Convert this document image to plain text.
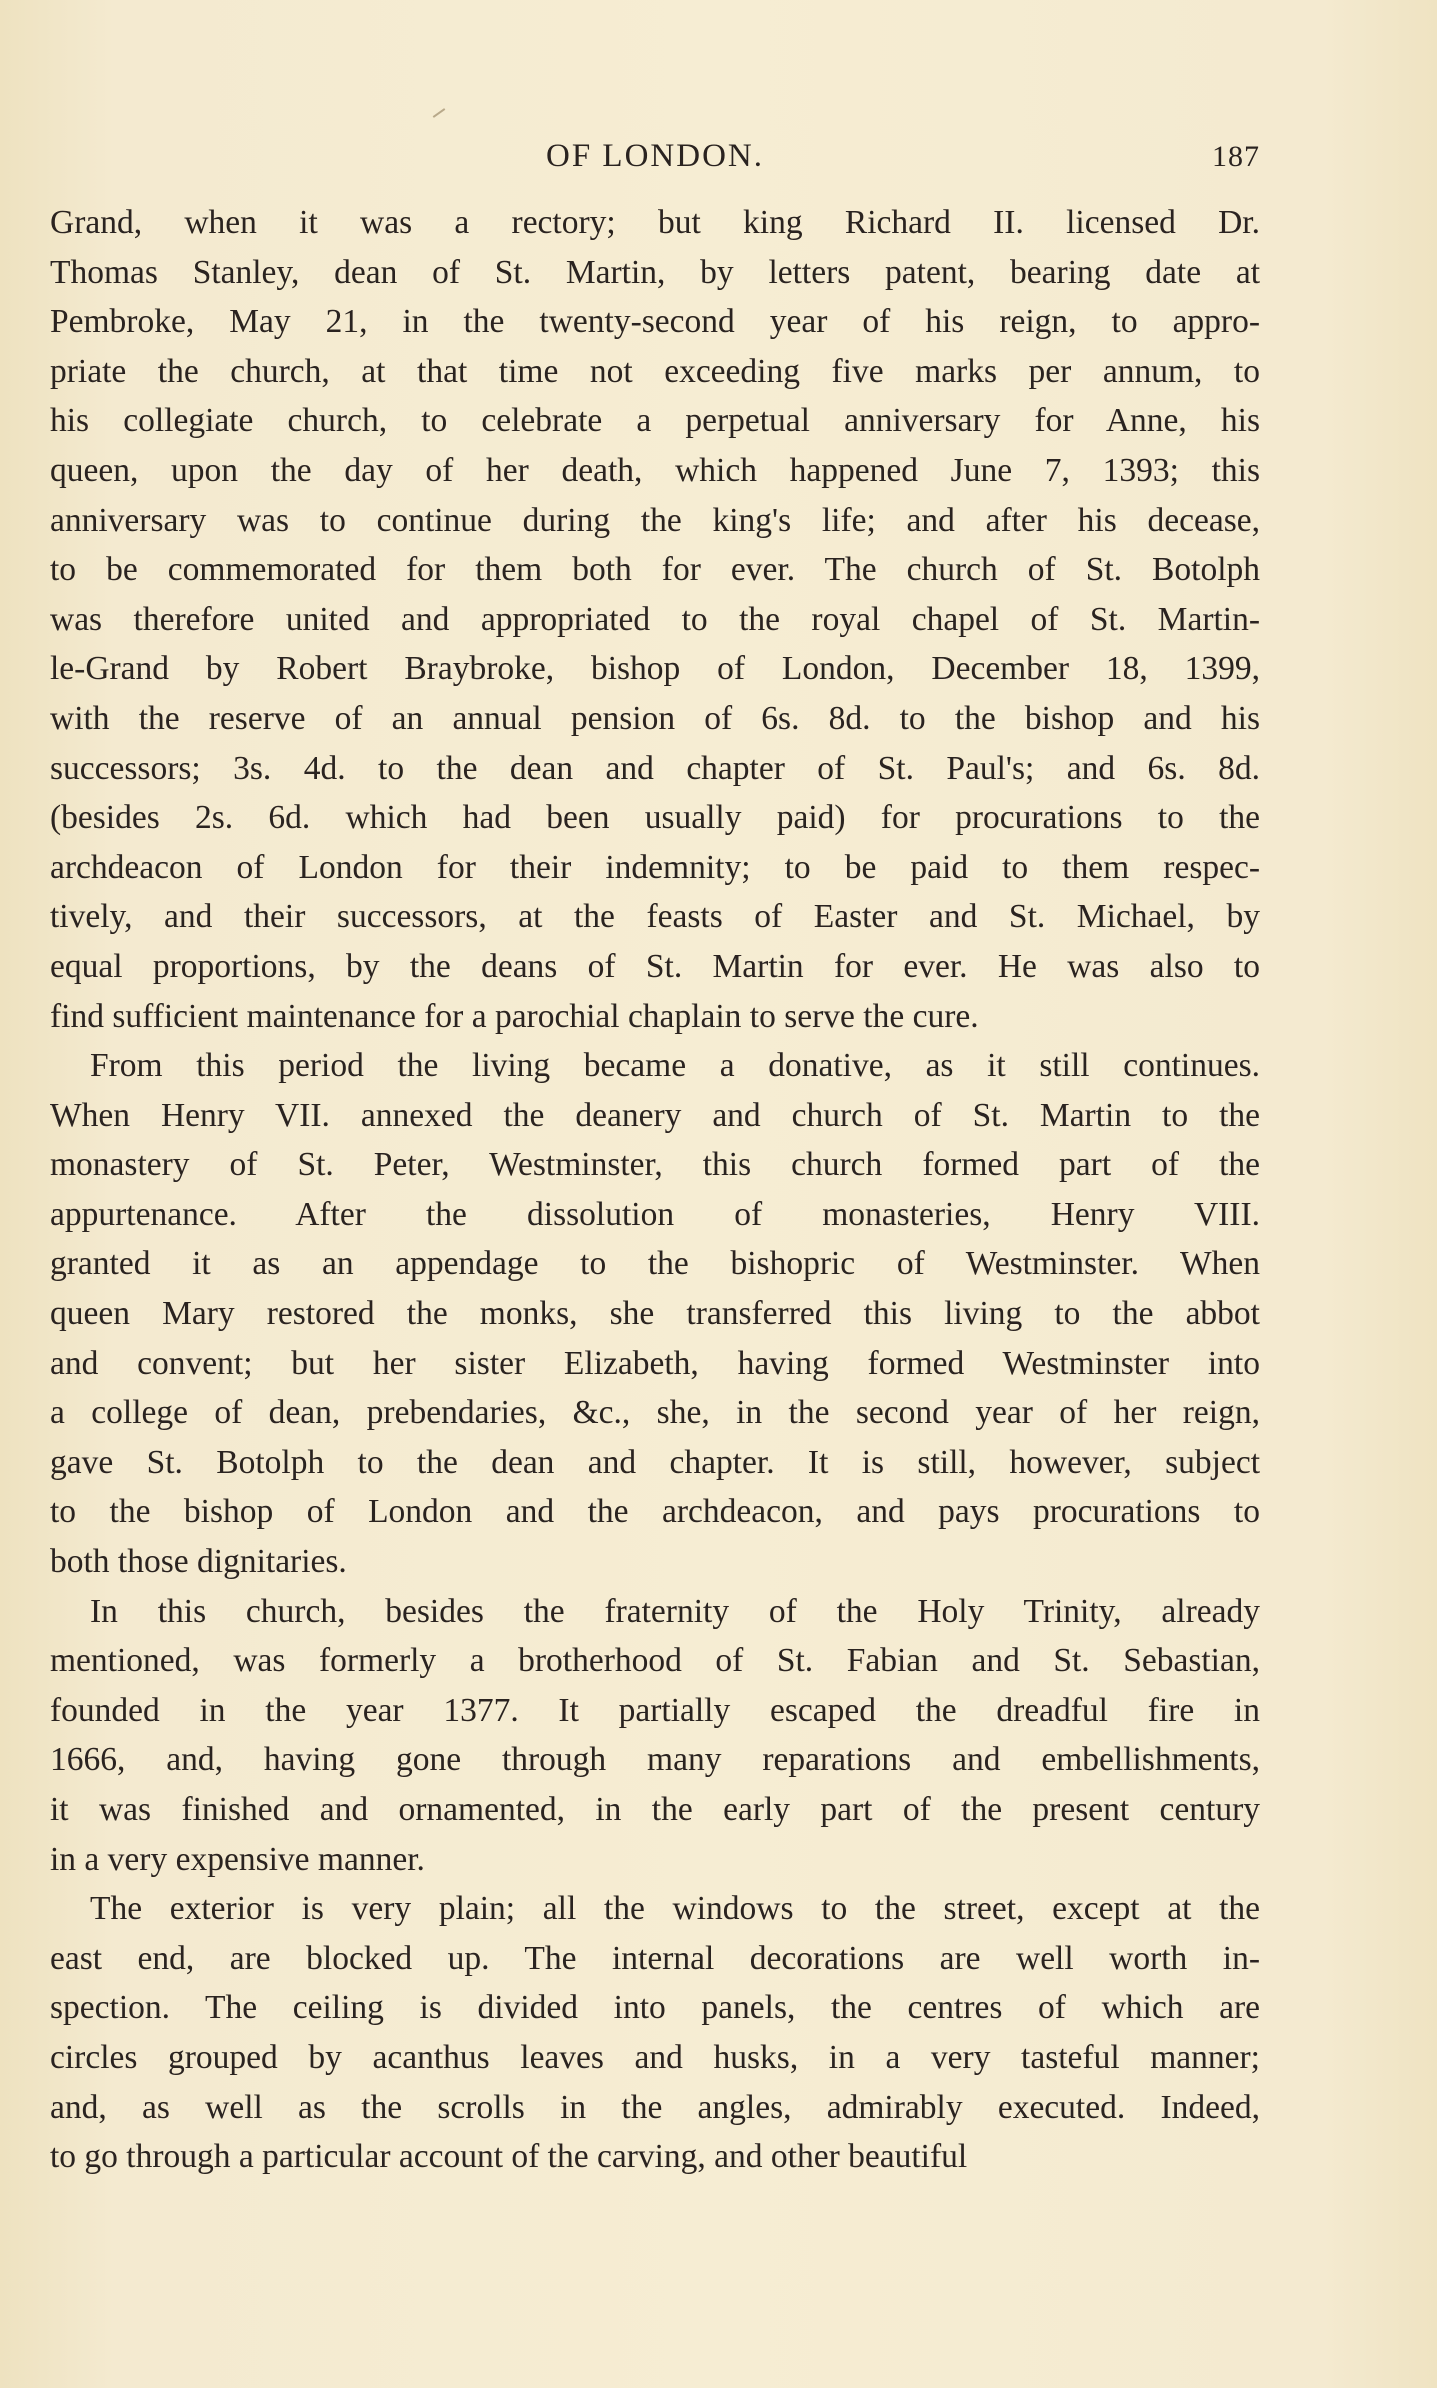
OF LONDON.	187
Grand, when it was a rectory; but king Richard II. licensed Dr.
Thomas Stanley, dean of St. Martin, by letters patent, bearing date at
Pembroke, May 21, in the twenty-second year of his reign, to appro-
priate the church, at that time not exceeding five marks per annum, to
his collegiate church, to celebrate a perpetual anniversary for Anne, his
queen, upon the day of her death, which happened June 7, 1393; this
anniversary was to continue during the king's life; and after his decease,
to be commemorated for them both for ever. The church of St. Botolph
was therefore united and appropriated to the royal chapel of St. Martin-
le-Grand by Robert Braybroke, bishop of London, December 18, 1399,
with the reserve of an annual pension of 6s. 8d. to the bishop and his
successors; 3s. 4d. to the dean and chapter of St. Paul's; and 6s. 8d.
(besides 2s. 6d. which had been usually paid) for procurations to the
archdeacon of London for their indemnity; to be paid to them respec-
tively, and their successors, at the feasts of Easter and St. Michael, by
equal proportions, by the deans of St. Martin for ever. He was also to
find sufficient maintenance for a parochial chaplain to serve the cure.
From this period the living became a donative, as it still continues.
When Henry VII. annexed the deanery and church of St. Martin to the
monastery of St. Peter, Westminster, this church formed part of the
appurtenance. After the dissolution of monasteries, Henry VIII.
granted it as an appendage to the bishopric of Westminster. When
queen Mary restored the monks, she transferred this living to the abbot
and convent; but her sister Elizabeth, having formed Westminster into
a college of dean, prebendaries, &c., she, in the second year of her reign,
gave St. Botolph to the dean and chapter. It is still, however, subject
to the bishop of London and the archdeacon, and pays procurations to
both those dignitaries.
In this church, besides the fraternity of the Holy Trinity, already
mentioned, was formerly a brotherhood of St. Fabian and St. Sebastian,
founded in the year 1377. It partially escaped the dreadful fire in
1666, and, having gone through many reparations and embellishments,
it was finished and ornamented, in the early part of the present century
in a very expensive manner.
The exterior is very plain; all the windows to the street, except at the
east end, are blocked up. The internal decorations are well worth in-
spection. The ceiling is divided into panels, the centres of which are
circles grouped by acanthus leaves and husks, in a very tasteful manner;
and, as well as the scrolls in the angles, admirably executed. Indeed,
to go through a particular account of the carving, and other beautiful
